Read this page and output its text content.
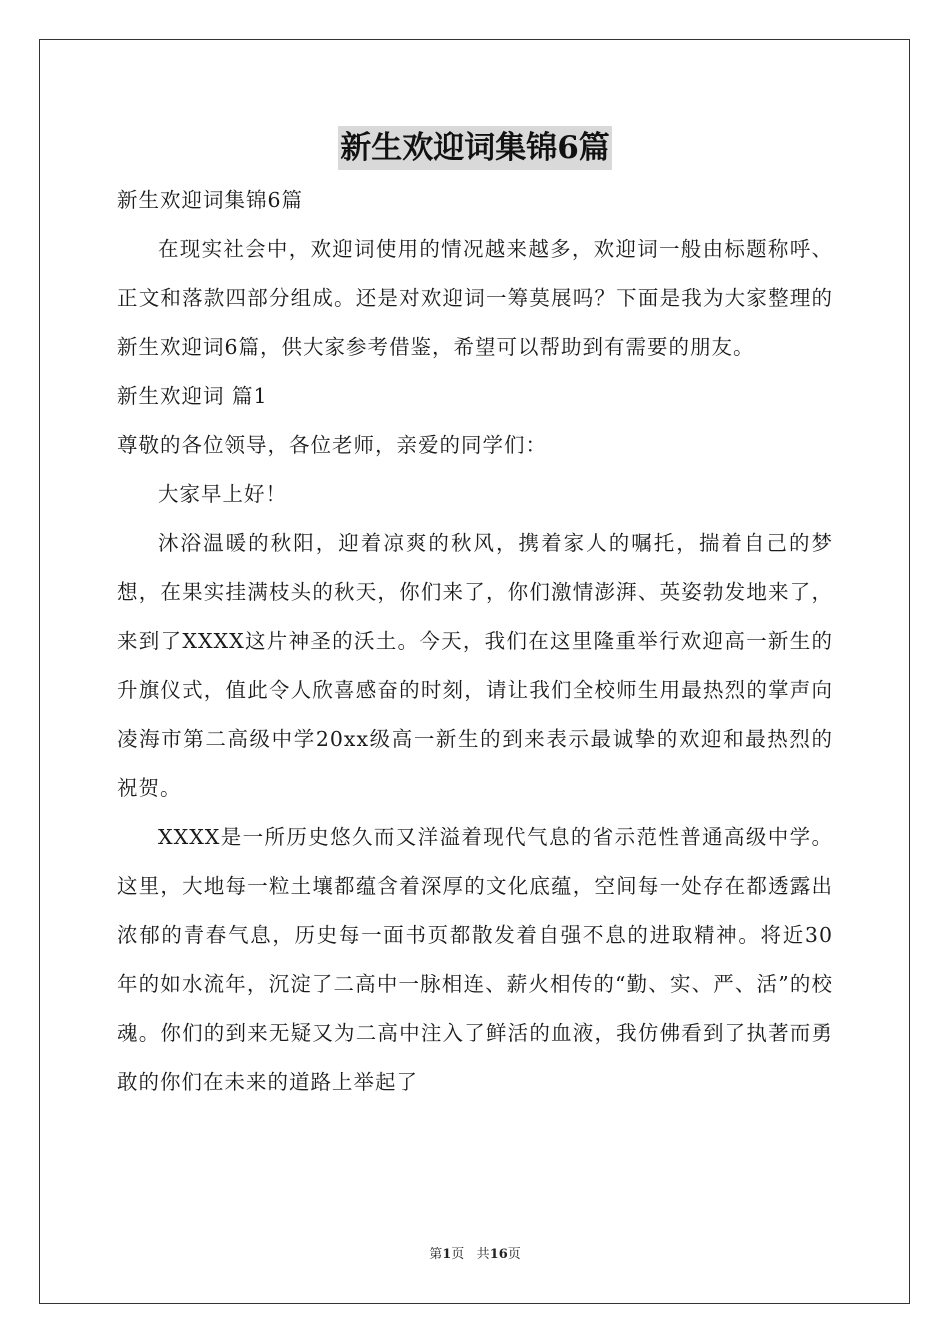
新生欢迎词集锦6篇

新生欢迎词集锦6篇

在现实社会中，欢迎词使用的情况越来越多，欢迎词一般由标题称呼、正文和落款四部分组成。还是对欢迎词一筹莫展吗？下面是我为大家整理的新生欢迎词6篇，供大家参考借鉴，希望可以帮助到有需要的朋友。

新生欢迎词 篇1

尊敬的各位领导，各位老师，亲爱的同学们：

大家早上好！

沐浴温暖的秋阳，迎着凉爽的秋风，携着家人的嘱托，揣着自己的梦想，在果实挂满枝头的秋天，你们来了，你们激情澎湃、英姿勃发地来了，来到了XXXX这片神圣的沃土。今天，我们在这里隆重举行欢迎高一新生的升旗仪式，值此令人欣喜感奋的时刻，请让我们全校师生用最热烈的掌声向凌海市第二高级中学20xx级高一新生的到来表示最诚挚的欢迎和最热烈的祝贺。

XXXX是一所历史悠久而又洋溢着现代气息的省示范性普通高级中学。这里，大地每一粒土壤都蕴含着深厚的文化底蕴，空间每一处存在都透露出浓郁的青春气息，历史每一面书页都散发着自强不息的进取精神。将近30年的如水流年，沉淀了二高中一脉相连、薪火相传的“勤、实、严、活”的校魂。你们的到来无疑又为二高中注入了鲜活的血液，我仿佛看到了执著而勇敢的你们在未来的道路上举起了

第1页 共16页
